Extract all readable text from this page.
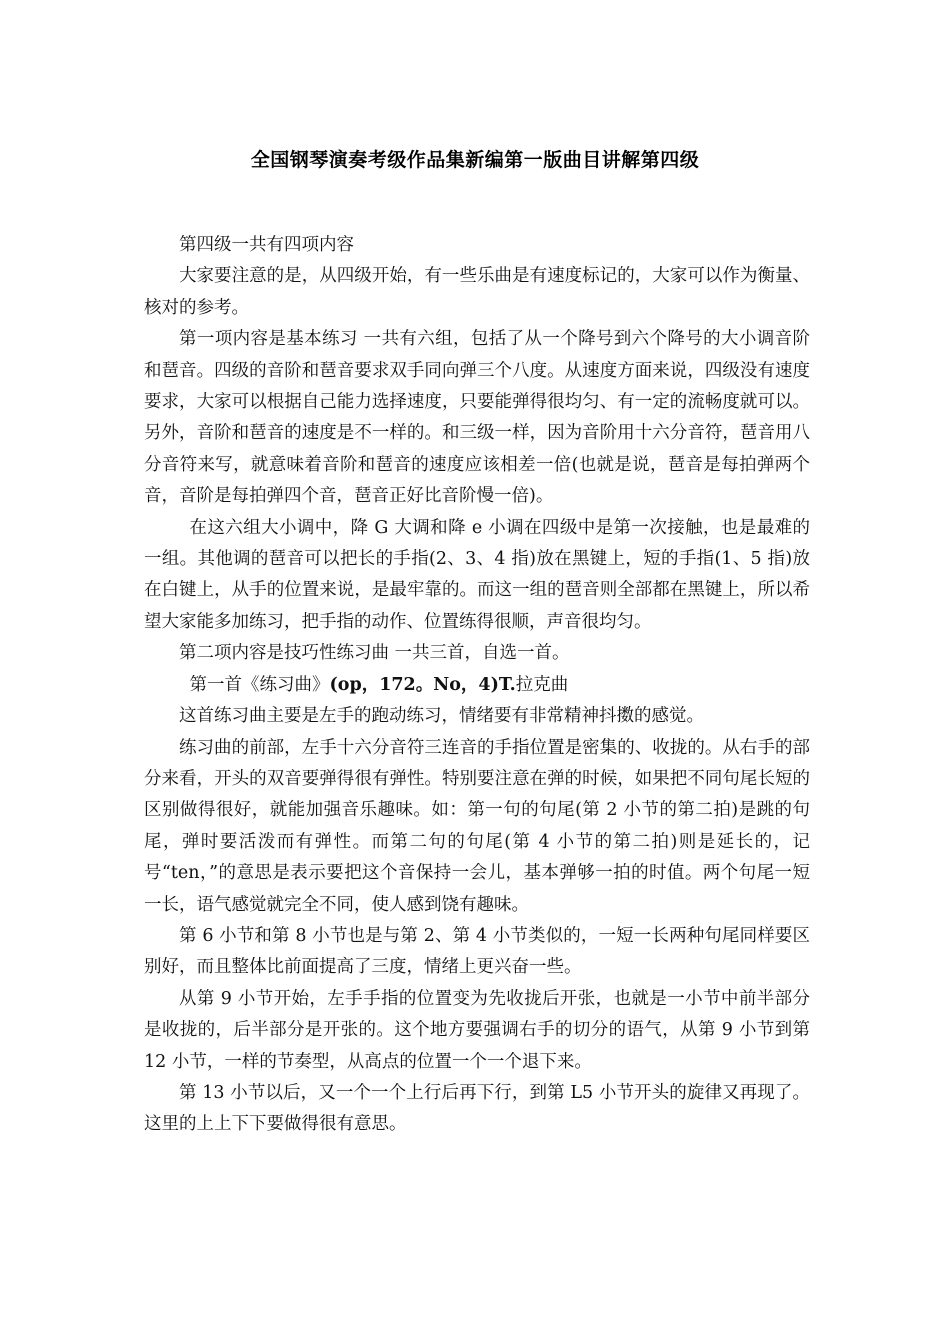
全国钢琴演奏考级作品集新编第一版曲目讲解第四级

第四级一共有四项内容

大家要注意的是，从四级开始，有一些乐曲是有速度标记的，大家可以作为衡量、核对的参考。

第一项内容是基本练习 一共有六组，包括了从一个降号到六个降号的大小调音阶和琶音。四级的音阶和琶音要求双手同向弹三个八度。从速度方面来说，四级没有速度要求，大家可以根据自己能力选择速度，只要能弹得很均匀、有一定的流畅度就可以。另外，音阶和琶音的速度是不一样的。和三级一样，因为音阶用十六分音符，琶音用八分音符来写，就意味着音阶和琶音的速度应该相差一倍(也就是说，琶音是每拍弹两个音，音阶是每拍弹四个音，琶音正好比音阶慢一倍)。

在这六组大小调中，降 G 大调和降 e 小调在四级中是第一次接触，也是最难的一组。其他调的琶音可以把长的手指(2、3、4 指)放在黑键上，短的手指(1、5 指)放在白键上，从手的位置来说，是最牢靠的。而这一组的琶音则全部都在黑键上，所以希望大家能多加练习，把手指的动作、位置练得很顺，声音很均匀。

第二项内容是技巧性练习曲 一共三首，自选一首。

第一首《练习曲》(op，172。No，4)T.拉克曲

这首练习曲主要是左手的跑动练习，情绪要有非常精神抖擞的感觉。

练习曲的前部，左手十六分音符三连音的手指位置是密集的、收拢的。从右手的部分来看，开头的双音要弹得很有弹性。特别要注意在弹的时候，如果把不同句尾长短的区别做得很好，就能加强音乐趣味。如：第一句的句尾(第 2 小节的第二拍)是跳的句尾，弹时要活泼而有弹性。而第二句的句尾(第 4 小节的第二拍)则是延长的，记号“ten，”的意思是表示要把这个音保持一会儿，基本弹够一拍的时值。两个句尾一短一长，语气感觉就完全不同，使人感到饶有趣味。

第 6 小节和第 8 小节也是与第 2、第 4 小节类似的，一短一长两种句尾同样要区别好，而且整体比前面提高了三度，情绪上更兴奋一些。

从第 9 小节开始，左手手指的位置变为先收拢后开张，也就是一小节中前半部分是收拢的，后半部分是开张的。这个地方要强调右手的切分的语气，从第 9 小节到第 12 小节，一样的节奏型，从高点的位置一个一个退下来。

第 13 小节以后，又一个一个上行后再下行，到第 L5 小节开头的旋律又再现了。这里的上上下下要做得很有意思。
